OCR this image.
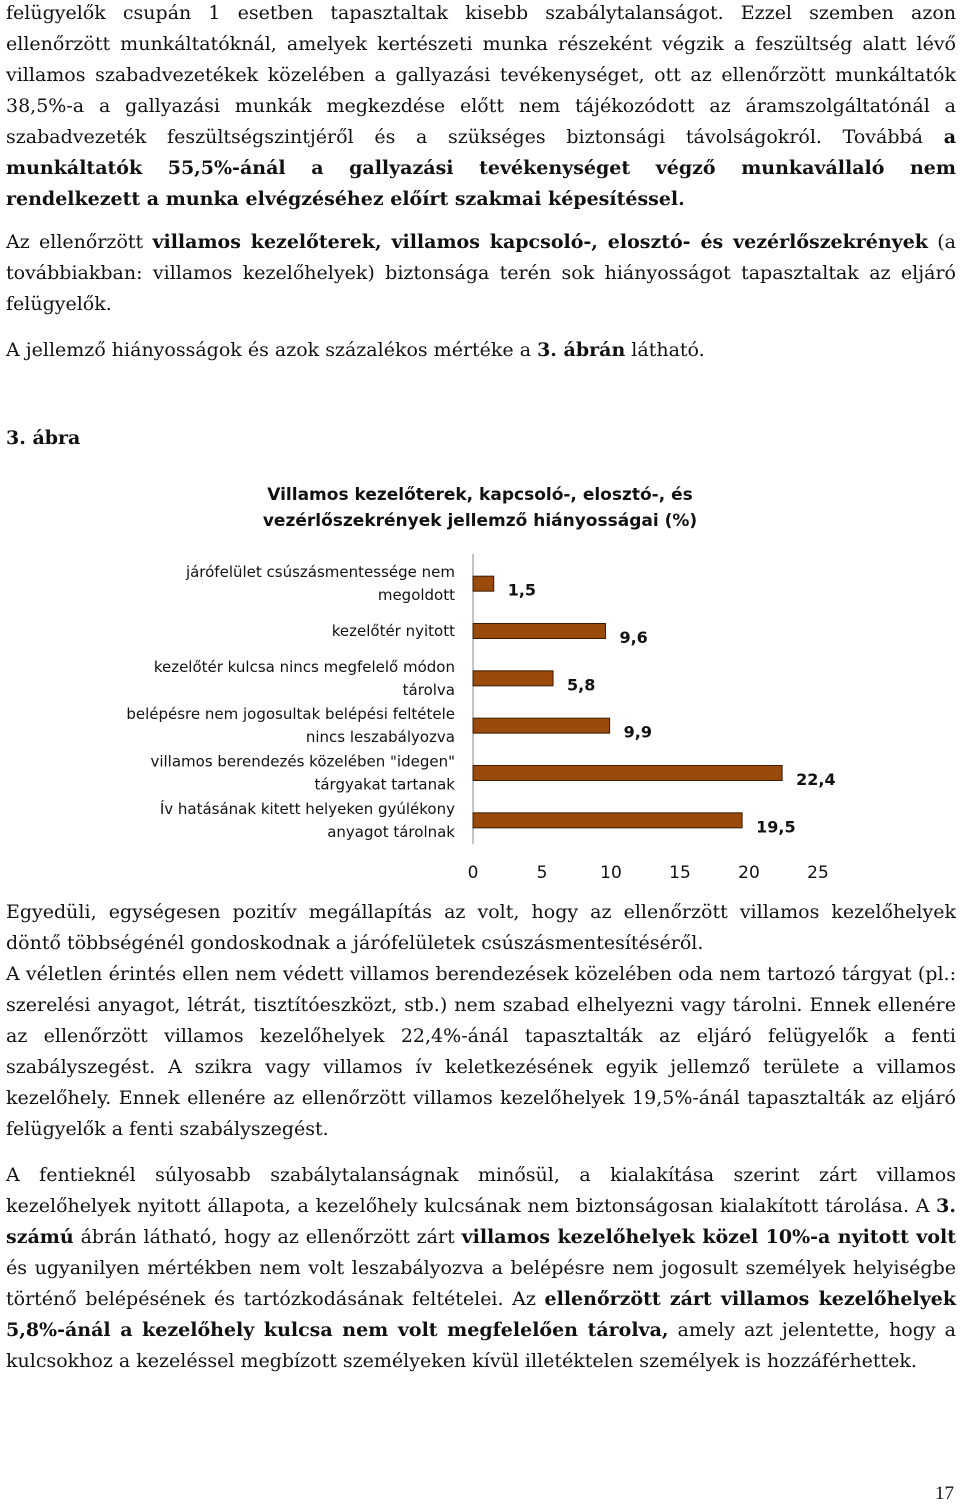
felügyelők csupán 1 esetben tapasztaltak kisebb szabálytalanságot. Ezzel szemben azon ellenőrzött munkáltatóknál, amelyek kertészeti munka részeként végzik a feszültség alatt lévő villamos szabadvezetékek közelében a gallyazási tevékenységet, ott az ellenőrzött munkáltatók 38,5%-a a gallyazási munkák megkezdése előtt nem tájékozódott az áramszolgáltatónál a szabadvezeték feszültségszintjéről és a szükséges biztonsági távolságokról. Továbbá a munkáltatók 55,5%-ánál a gallyazási tevékenységet végző munkavállaló nem rendelkezett a munka elvégzéséhez előírt szakmai képesítéssel.

Az ellenőrzött villamos kezelőterek, villamos kapcsoló-, elosztó- és vezérlőszekrények (a továbbiakban: villamos kezelőhelyek) biztonsága terén sok hiányosságot tapasztaltak az eljáró felügyelők.

A jellemző hiányosságok és azok százalékos mértéke a 3. ábrán látható.

3. ábra
Villamos kezelőterek, kapcsoló-, elosztó-, és
vezérlőszekrények jellemző hiányosságai (%)
1,5
járófelület csúszásmentessége nem
megoldott
9,6
kezelőtér nyitott
5,8
kezelőtér kulcsa nincs megfelelő módon
tárolva
9,9
belépésre nem jogosultak belépési feltétele
nincs leszabályozva
22,4
villamos berendezés közelében "idegen"
tárgyakat tartanak
19,5
Ív hatásának kitett helyeken gyúlékony
anyagot tárolnak
0	5	10	15	20	25

Egyedüli, egységesen pozitív megállapítás az volt, hogy az ellenőrzött villamos kezelőhelyek döntő többségénél gondoskodnak a járófelületek csúszásmentesítéséről.

A véletlen érintés ellen nem védett villamos berendezések közelében oda nem tartozó tárgyat (pl.: szerelési anyagot, létrát, tisztítóeszközt, stb.) nem szabad elhelyezni vagy tárolni. Ennek ellenére az ellenőrzött villamos kezelőhelyek 22,4%-ánál tapasztalták az eljáró felügyelők a fenti szabályszegést. A szikra vagy villamos ív keletkezésének egyik jellemző területe a villamos kezelőhely. Ennek ellenére az ellenőrzött villamos kezelőhelyek 19,5%-ánál tapasztalták az eljáró felügyelők a fenti szabályszegést.

A fentieknél súlyosabb szabálytalanságnak minősül, a kialakítása szerint zárt villamos kezelőhelyek nyitott állapota, a kezelőhely kulcsának nem biztonságosan kialakított tárolása. A 3. számú ábrán látható, hogy az ellenőrzött zárt villamos kezelőhelyek közel 10%-a nyitott volt és ugyanilyen mértékben nem volt leszabályozva a belépésre nem jogosult személyek helyiségbe történő belépésének és tartózkodásának feltételei. Az ellenőrzött zárt villamos kezelőhelyek 5,8%-ánál a kezelőhely kulcsa nem volt megfelelően tárolva, amely azt jelentette, hogy a kulcsokhoz a kezeléssel megbízott személyeken kívül illetéktelen személyek is hozzáférhettek.

17
